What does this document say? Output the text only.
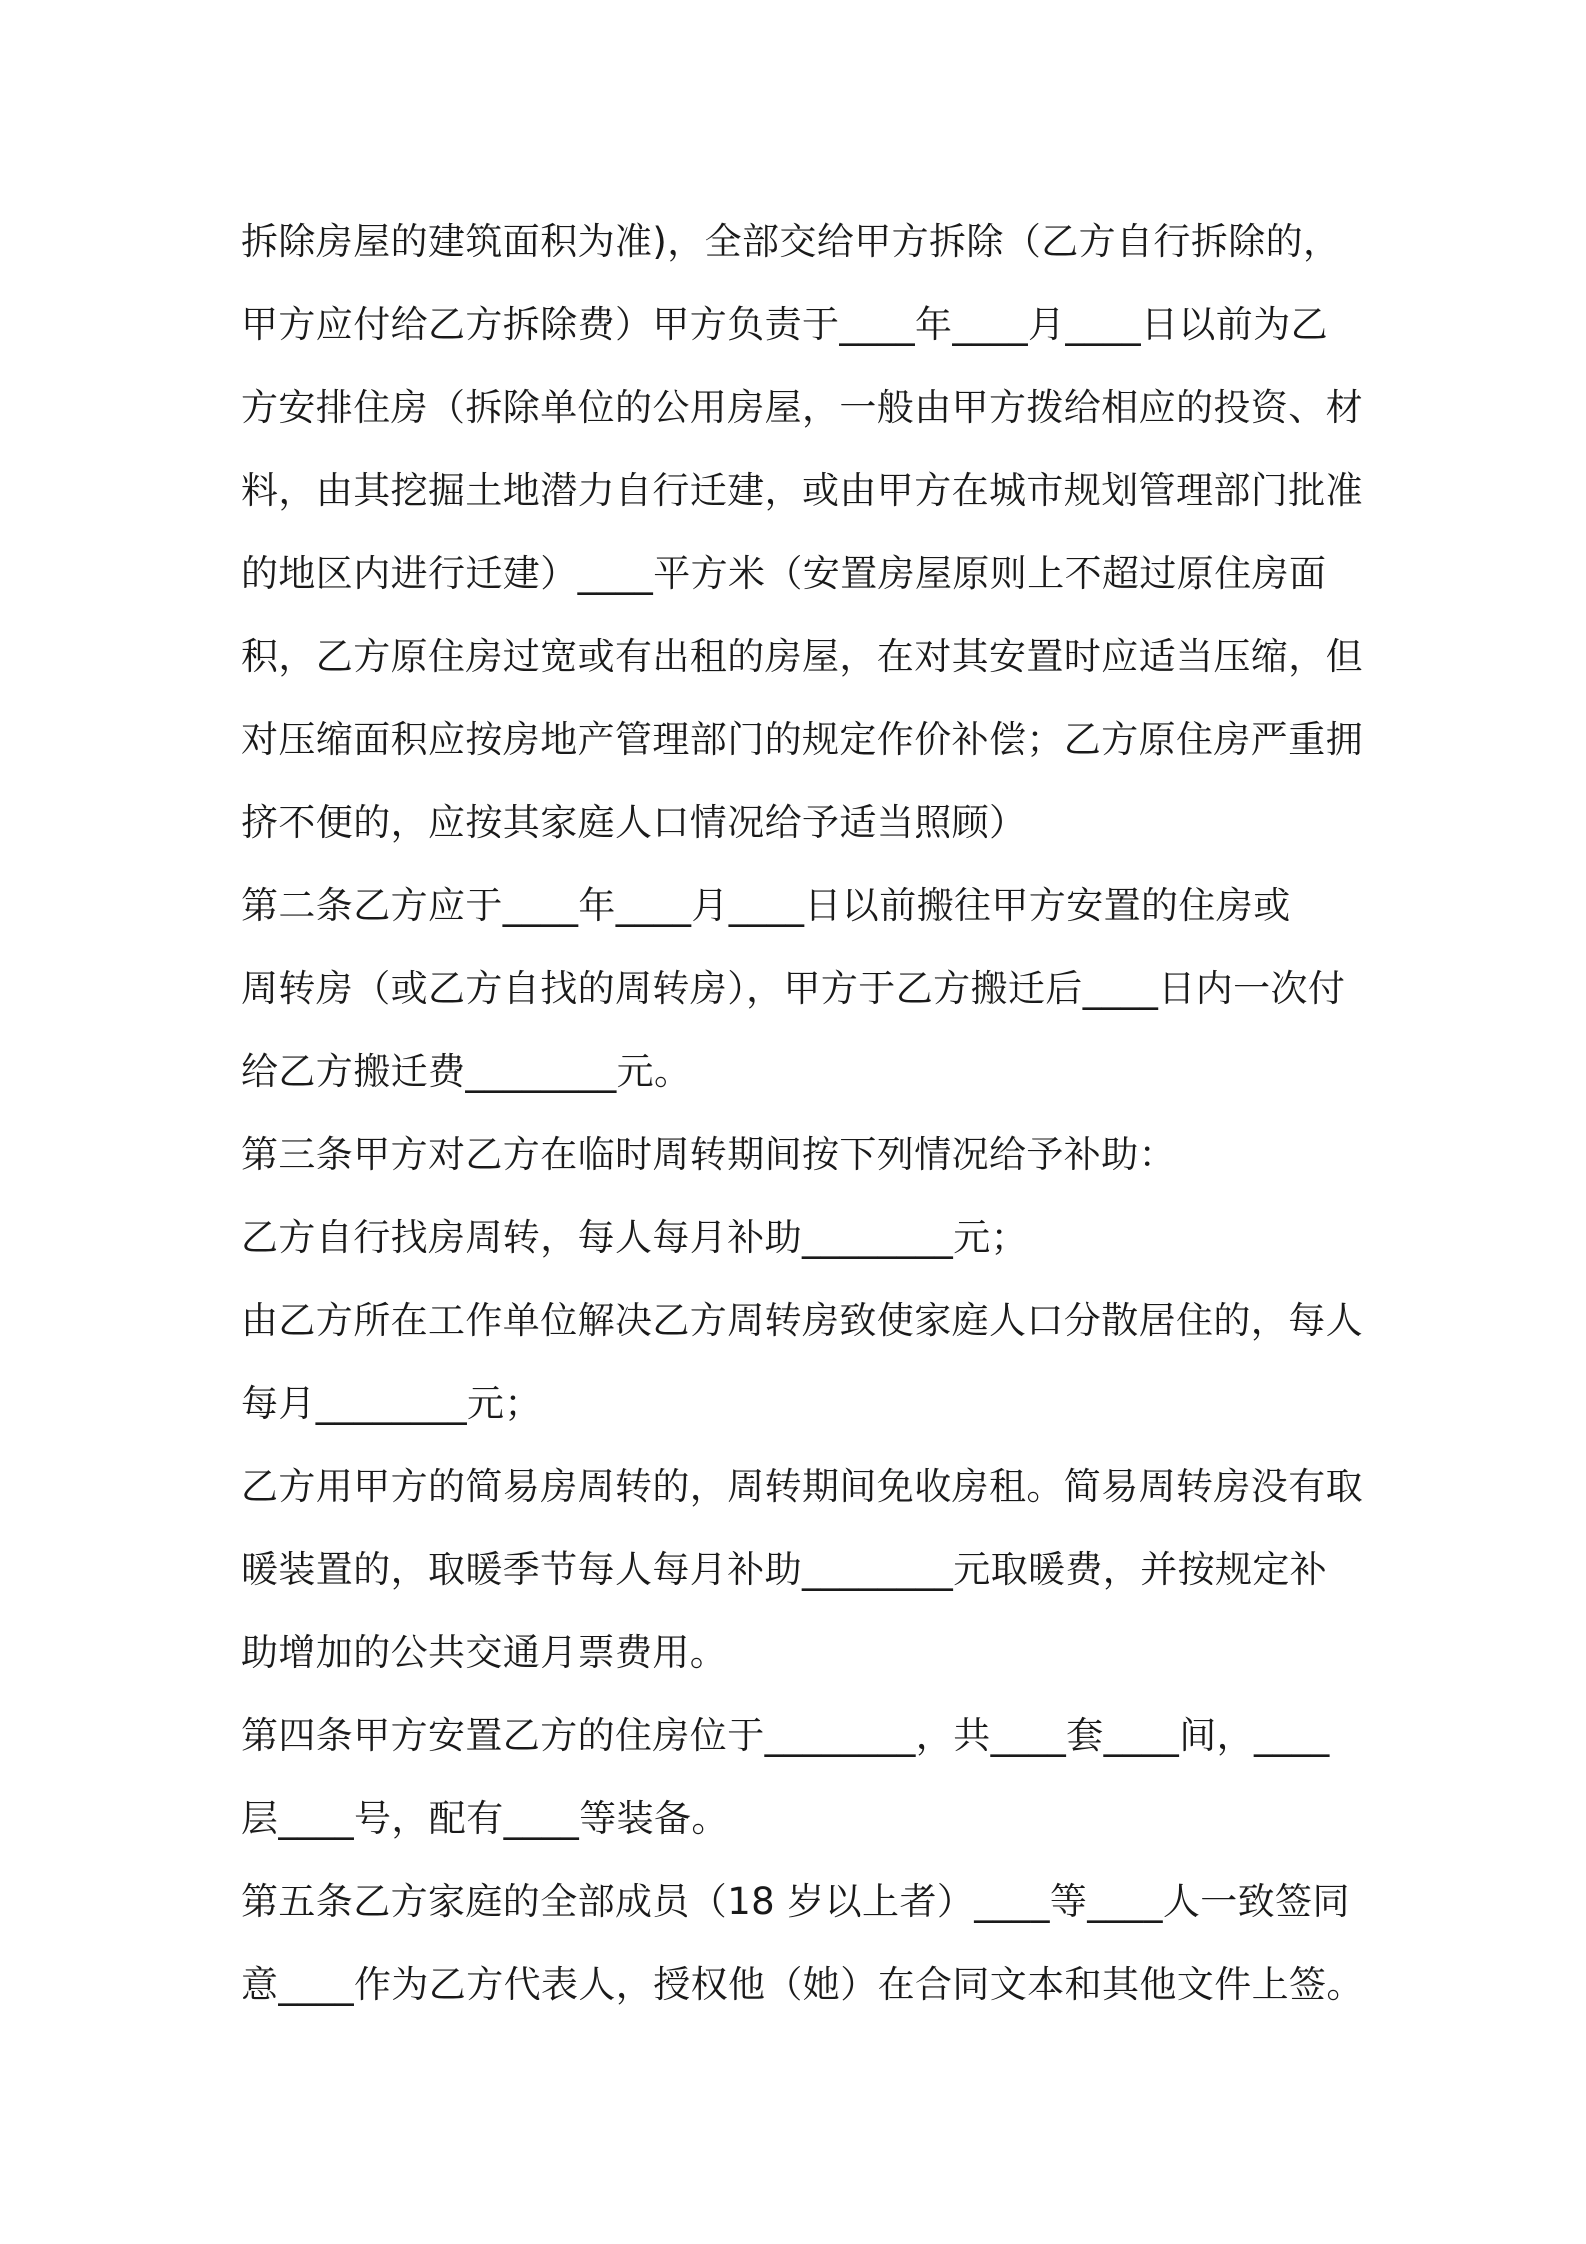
拆除房屋的建筑面积为准)，全部交给甲方拆除（乙方自行拆除的，
甲方应付给乙方拆除费）甲方负责于____年____月____日以前为乙
方安排住房（拆除单位的公用房屋，一般由甲方拨给相应的投资、材
料，由其挖掘土地潜力自行迁建，或由甲方在城市规划管理部门批准
的地区内进行迁建）____平方米（安置房屋原则上不超过原住房面
积，乙方原住房过宽或有出租的房屋，在对其安置时应适当压缩，但
对压缩面积应按房地产管理部门的规定作价补偿；乙方原住房严重拥
挤不便的，应按其家庭人口情况给予适当照顾）
第二条乙方应于____年____月____日以前搬往甲方安置的住房或
周转房（或乙方自找的周转房），甲方于乙方搬迁后____日内一次付
给乙方搬迁费________元。
第三条甲方对乙方在临时周转期间按下列情况给予补助：
乙方自行找房周转，每人每月补助________元；
由乙方所在工作单位解决乙方周转房致使家庭人口分散居住的，每人
每月________元；
乙方用甲方的简易房周转的，周转期间免收房租。简易周转房没有取
暖装置的，取暖季节每人每月补助________元取暖费，并按规定补
助增加的公共交通月票费用。
第四条甲方安置乙方的住房位于________，共____套____间，____
层____号，配有____等装备。
第五条乙方家庭的全部成员（18 岁以上者）____等____人一致签同
意____作为乙方代表人，授权他（她）在合同文本和其他文件上签。
